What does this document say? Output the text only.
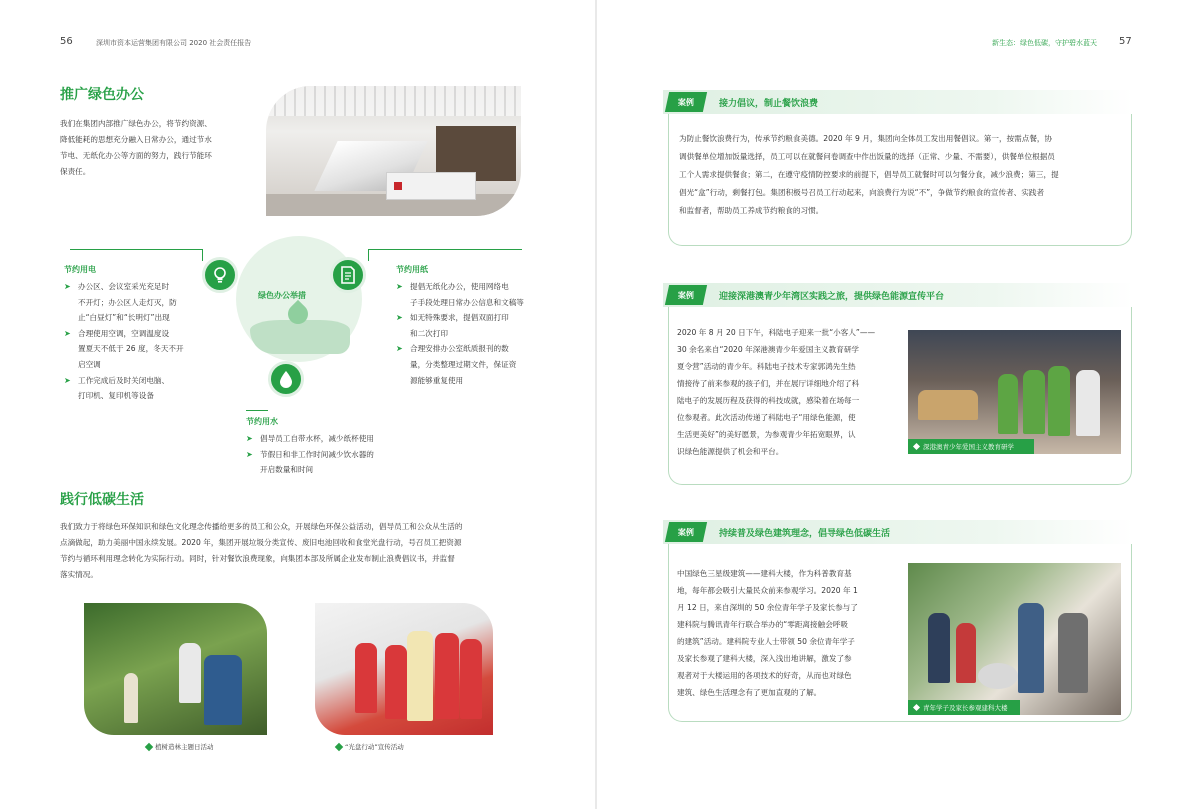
56	深圳市资本运营集团有限公司 2020 社会责任报告
推广绿色办公
我们在集团内部推广绿色办公，将节约资源、
降低能耗的思想充分融入日常办公，通过节水
节电、无纸化办公等方面的努力，践行节能环
保责任。
绿色办公举措
节约用电
➤ 办公区、会议室采光充足时
不开灯；办公区人走灯灭，防
止“白昼灯”和“长明灯”出现
➤ 合理使用空调，空调温度设
置夏天不低于 26 度，冬天不开
启空调
➤ 工作完成后及时关闭电脑、
打印机、复印机等设备
节约用纸
➤ 提倡无纸化办公，使用网络电
子手段处理日常办公信息和文稿等
➤ 如无特殊要求，提倡双面打印
和二次打印
➤ 合理安排办公室纸质报刊的数
量，分类整理过期文件，保证资
源能够重复使用
节约用水
➤ 倡导员工自带水杯，减少纸杯使用
➤ 节假日和非工作时间减少饮水器的
开启数量和时间
践行低碳生活
我们致力于将绿色环保知识和绿色文化理念传播给更多的员工和公众，开展绿色环保公益活动，倡导员工和公众从生活的
点滴做起，助力美丽中国永续发展。2020 年，集团开展垃圾分类宣传、废旧电池回收和食堂光盘行动，号召员工把资源
节约与循环利用理念转化为实际行动。同时，针对餐饮浪费现象，向集团本部及所属企业发布制止浪费倡议书，并监督
落实情况。
植树造林主题日活动	“光盘行动”宣传活动
新生态：绿色低碳，守护碧水蓝天 57
案例	接力倡议，制止餐饮浪费
为防止餐饮浪费行为，传承节约粮食美德。2020 年 9 月，集团向全体员工发出用餐倡议。第一，按需点餐，协
调供餐单位增加饭量选择，员工可以在就餐问卷调查中作出饭量的选择（正常、少量、不需要），供餐单位根据员
工个人需求提供餐食；第二，在遵守疫情防控要求的前提下，倡导员工就餐时可以匀餐分食，减少浪费；第三，提
倡光“盒”行动，剩餐打包。集团积极号召员工行动起来，向浪费行为说“不”，争做节约粮食的宣传者、实践者
和监督者，帮助员工养成节约粮食的习惯。
案例	迎接深港澳青少年湾区实践之旅，提供绿色能源宣传平台
2020 年 8 月 20 日下午，科陆电子迎来一批“小客人”——
30 余名来自“2020 年深港澳青少年爱国主义教育研学
夏令营”活动的青少年。科陆电子技术专家郭鸿先生热
情接待了前来参观的孩子们，并在展厅详细地介绍了科
陆电子的发展历程及获得的科技成就，感染着在场每一
位参观者。此次活动传递了科陆电子“用绿色能源，使
生活更美好”的美好愿景，为参观青少年拓宽眼界，认
识绿色能源提供了机会和平台。	深港澳青少年爱国主义教育研学
案例	持续普及绿色建筑理念，倡导绿色低碳生活
中国绿色三星级建筑——建科大楼，作为科普教育基
地，每年都会吸引大量民众前来参观学习。2020 年 1
月 12 日，来自深圳的 50 余位青年学子及家长参与了
建科院与腾讯青年行联合举办的“零距离接触会呼吸
的建筑”活动。建科院专业人士带领 50 余位青年学子
及家长参观了建科大楼，深入浅出地讲解，激发了参
观者对于大楼运用的各项技术的好奇，从而也对绿色
建筑、绿色生活理念有了更加直观的了解。
青年学子及家长参观建科大楼
